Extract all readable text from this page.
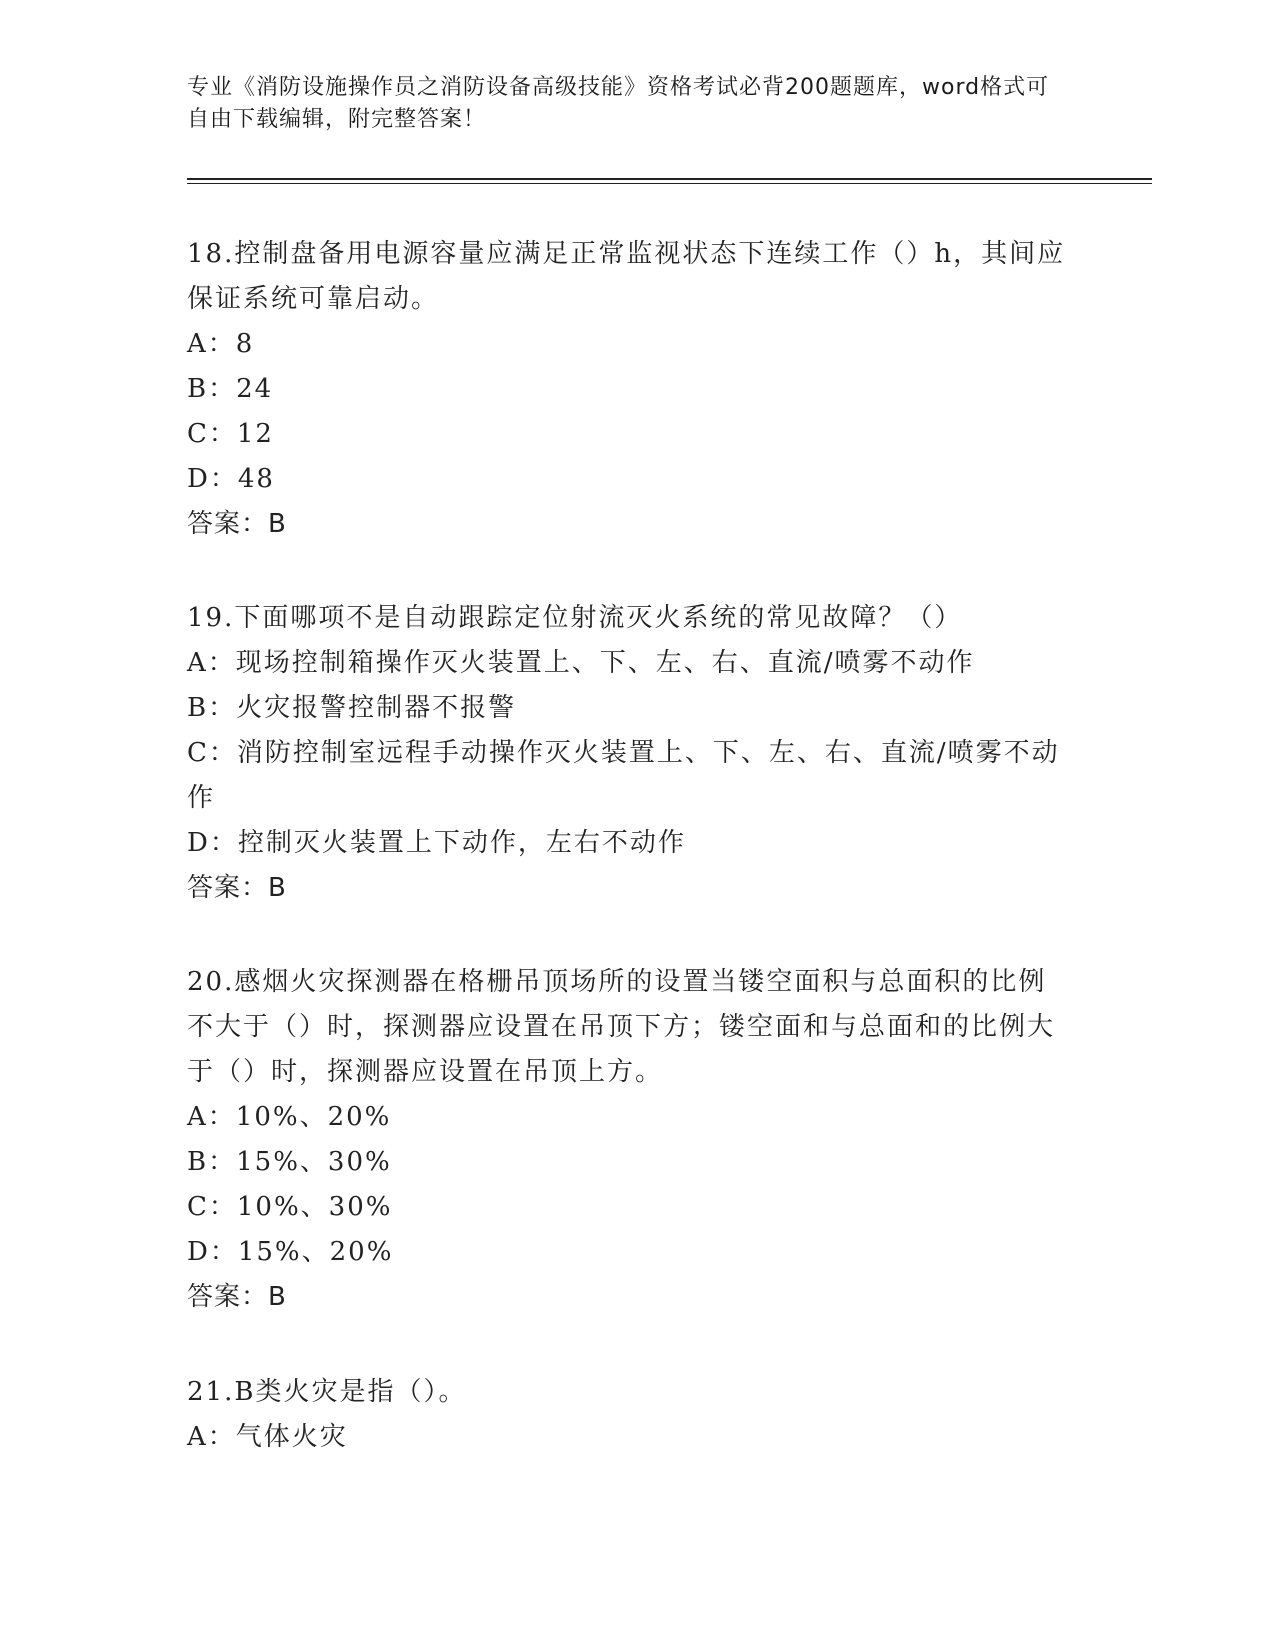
专业《消防设施操作员之消防设备高级技能》资格考试必背200题题库，word格式可自由下载编辑，附完整答案！

18.控制盘备用电源容量应满足正常监视状态下连续工作（）h，其间应保证系统可靠启动。

A：8

B：24

C：12

D：48

答案：B

19.下面哪项不是自动跟踪定位射流灭火系统的常见故障？（）

A：现场控制箱操作灭火装置上、下、左、右、直流/喷雾不动作

B：火灾报警控制器不报警

C：消防控制室远程手动操作灭火装置上、下、左、右、直流/喷雾不动作

D：控制灭火装置上下动作，左右不动作

答案：B

20.感烟火灾探测器在格栅吊顶场所的设置当镂空面积与总面积的比例不大于（）时，探测器应设置在吊顶下方；镂空面和与总面和的比例大于（）时，探测器应设置在吊顶上方。

A：10%、20%

B：15%、30%

C：10%、30%

D：15%、20%

答案：B

21.B类火灾是指（）。

A：气体火灾
